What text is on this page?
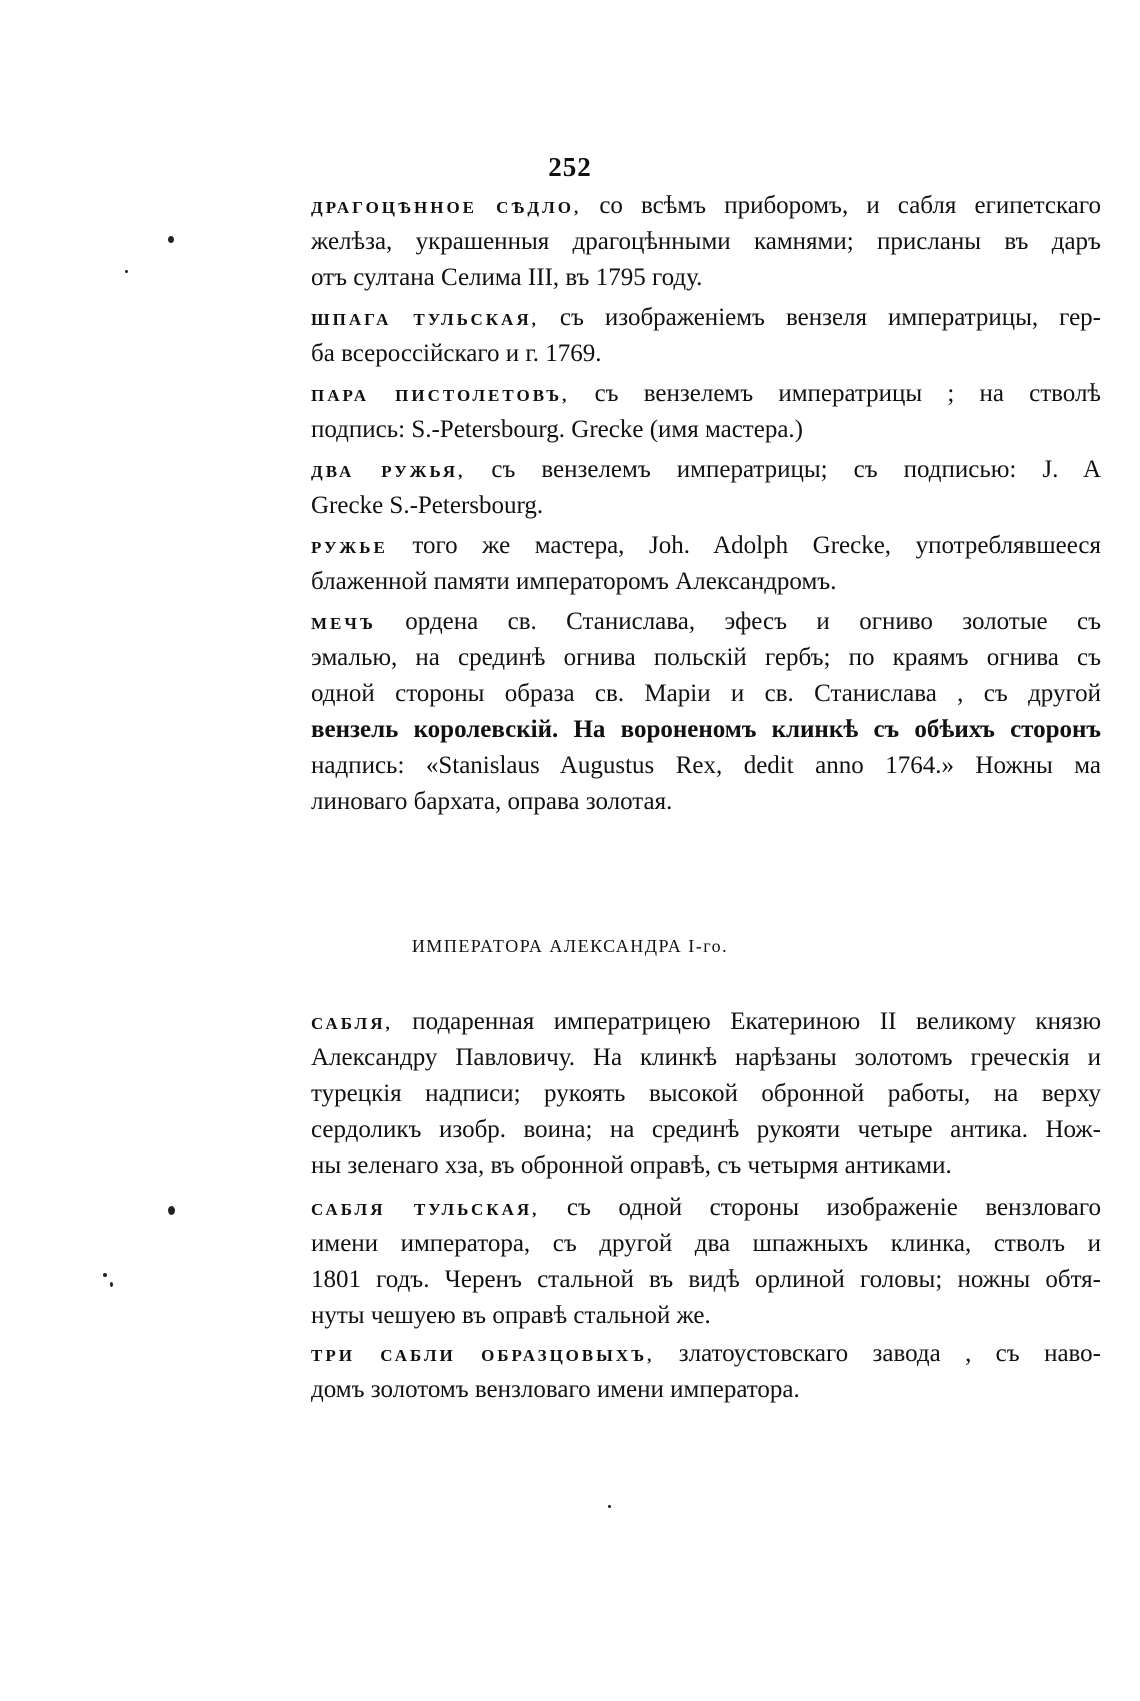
252
ДРАГОЦѢННОЕ СѢДЛО, со всѣмъ приборомъ, и сабля египетскаго
желѣза, украшенныя драгоцѣнными камнями; присланы въ даръ
отъ султана Селима III, въ 1795 году.
ШПАГА ТУЛЬСКАЯ, съ изображенiемъ вензеля императрицы, гер-
ба всероссiйскаго и г. 1769.
ПАРА ПИСТОЛЕТОВЪ, съ вензелемъ императрицы ; на стволѣ
подпись: S.-Petersbourg. Grecke (имя мастера.)
ДВА РУЖЬЯ, съ вензелемъ императрицы; съ подписью: J. A
Grecke S.-Petersbourg.
РУЖЬЕ того же мастера, Joh. Adolph Grecke, употреблявшееся
блаженной памяти императоромъ Александромъ.
МЕЧЪ ордена св. Станислава, эфесъ и огниво золотые съ
эмалью, на срединѣ огнива польскiй гербъ; по краямъ огнива съ
одной стороны образа св. Марiи и св. Станислава , съ другой
вензель королевскiй. На вороненомъ клинкѣ съ обѣихъ сторонъ
надпись: «Stanislaus Augustus Rex, dedit anno 1764.» Ножны ма
линоваго бархата, оправа золотая.
ИМПЕРАТОРА АЛЕКСАНДРА I-го.
САБЛЯ, подаренная императрицею Екатериною II великому князю
Александру Павловичу. На клинкѣ нарѣзаны золотомъ греческiя и
турецкiя надписи; рукоять высокой обронной работы, на верху
сердоликъ изобр. воина; на срединѣ рукояти четыре антика. Нож-
ны зеленаго хза, въ обронной оправѣ, съ четырмя антиками.
САБЛЯ ТУЛЬСКАЯ, съ одной стороны изображенiе вензловаго
имени императора, съ другой два шпажныхъ клинка, стволъ и
1801 годъ. Черенъ стальной въ видѣ орлиной головы; ножны обтя-
нуты чешуею въ оправѣ стальной же.
ТРИ САБЛИ ОБРАЗЦОВЫХЪ, златоустовскаго завода , съ наво-
домъ золотомъ вензловаго имени императора.
